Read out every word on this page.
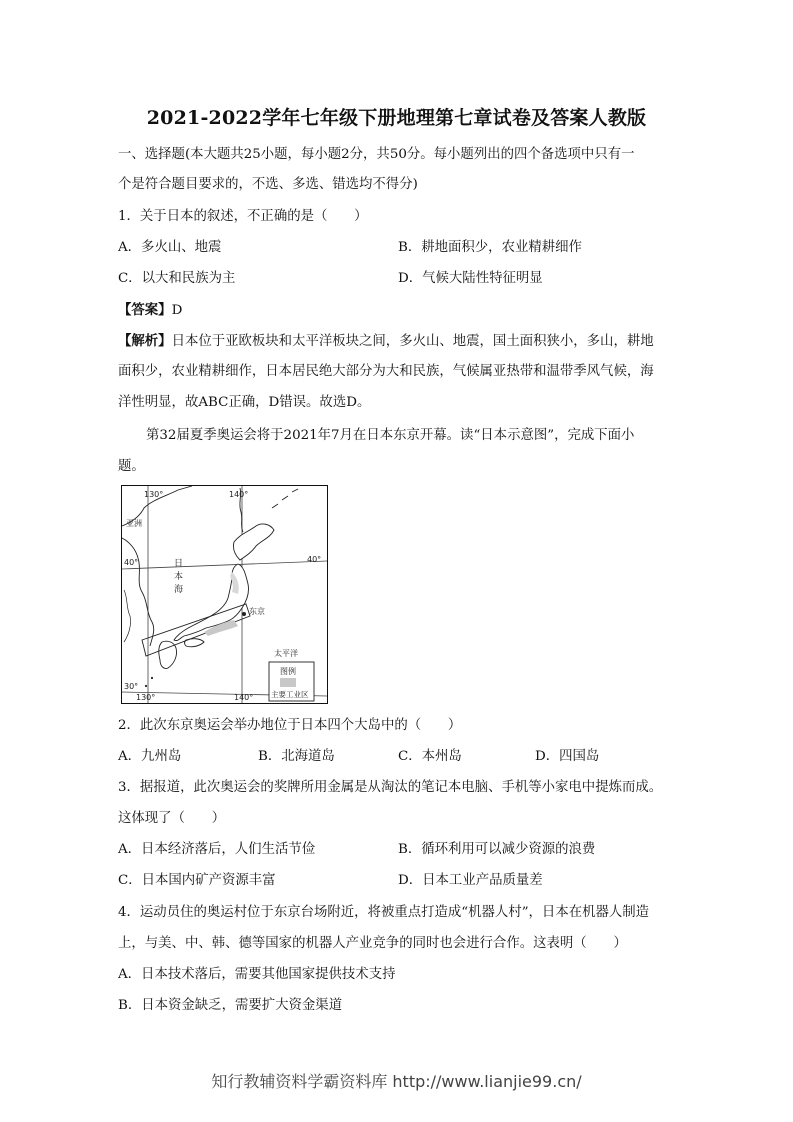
2021-2022学年七年级下册地理第七章试卷及答案人教版
一、选择题(本大题共25小题，每小题2分，共50分。每小题列出的四个备选项中只有一
个是符合题目要求的，不选、多选、错选均不得分)
1．关于日本的叙述，不正确的是（　　）
A．多火山、地震	B．耕地面积少，农业精耕细作
C．以大和民族为主	D．气候大陆性特征明显
【答案】D
【解析】日本位于亚欧板块和太平洋板块之间，多火山、地震，国土面积狭小，多山，耕地
面积少，农业精耕细作，日本居民绝大部分为大和民族，气候属亚热带和温带季风气候，海
洋性明显，故ABC正确，D错误。故选D。
第32届夏季奥运会将于2021年7月在日本东京开幕。读“日本示意图”，完成下面小
题。
130°	140°
40°	40°
30°
130°	140°
亚洲
日
本
海
东京
太平洋
图例
主要工业区
2．此次东京奥运会举办地位于日本四个大岛中的（　　）
A．九州岛	B．北海道岛	C．本州岛	D．四国岛
3．据报道，此次奥运会的奖牌所用金属是从淘汰的笔记本电脑、手机等小家电中提炼而成。
这体现了（　　）
A．日本经济落后，人们生活节俭	B．循环利用可以减少资源的浪费
C．日本国内矿产资源丰富	D．日本工业产品质量差
4．运动员住的奥运村位于东京台场附近，将被重点打造成“机器人村”，日本在机器人制造
上，与美、中、韩、德等国家的机器人产业竞争的同时也会进行合作。这表明（　　）
A．日本技术落后，需要其他国家提供技术支持
B．日本资金缺乏，需要扩大资金渠道
知行教辅资料学霸资料库 http://www.lianjie99.cn/
